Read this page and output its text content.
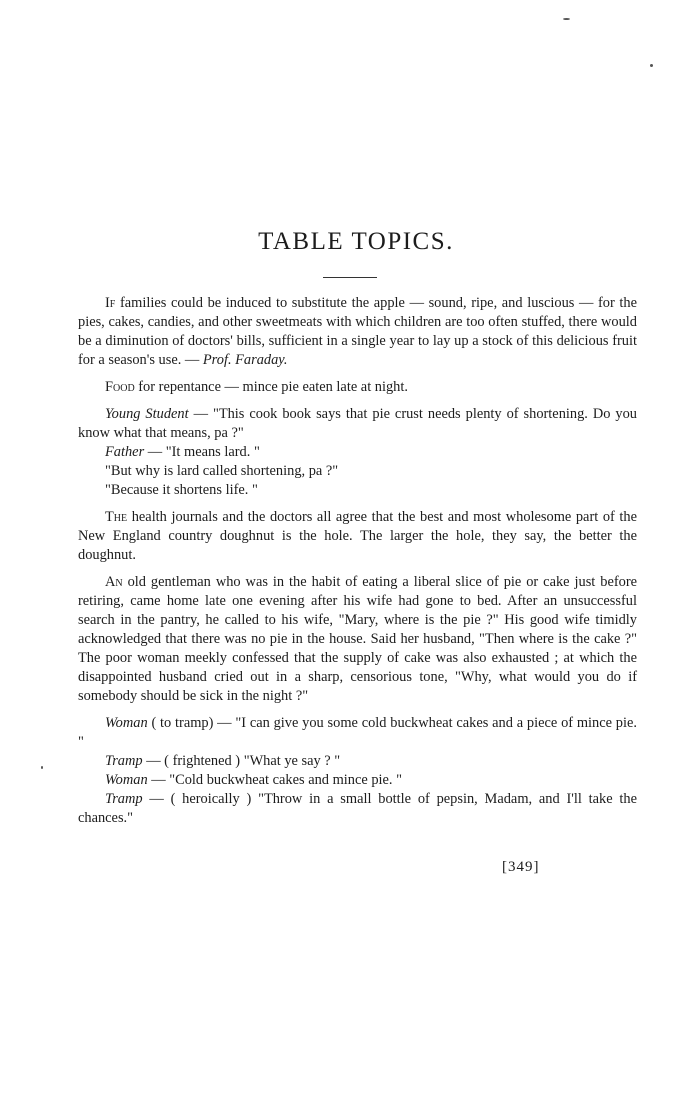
TABLE TOPICS.

If families could be induced to substitute the apple — sound, ripe, and luscious — for the pies, cakes, candies, and other sweetmeats with which children are too often stuffed, there would be a diminution of doctors' bills, sufficient in a single year to lay up a stock of this delicious fruit for a season's use. — Prof. Faraday.

Food for repentance — mince pie eaten late at night.

Young Student — "This cook book says that pie crust needs plenty of shortening. Do you know what that means, pa ?"

Father — "It means lard. "

"But why is lard called shortening, pa ?"

"Because it shortens life. "

The health journals and the doctors all agree that the best and most wholesome part of the New England country doughnut is the hole. The larger the hole, they say, the better the doughnut.

An old gentleman who was in the habit of eating a liberal slice of pie or cake just before retiring, came home late one evening after his wife had gone to bed. After an unsuccessful search in the pantry, he called to his wife, "Mary, where is the pie ?" His good wife timidly acknowledged that there was no pie in the house. Said her husband, "Then where is the cake ?" The poor woman meekly confessed that the supply of cake was also exhausted ; at which the disappointed husband cried out in a sharp, censorious tone, "Why, what would you do if somebody should be sick in the night ?"

Woman ( to tramp) — "I can give you some cold buckwheat cakes and a piece of mince pie. "

Tramp — ( frightened ) "What ye say ? "

Woman — "Cold buckwheat cakes and mince pie. "

Tramp — ( heroically ) "Throw in a small bottle of pepsin, Madam, and I'll take the chances."

[349]
